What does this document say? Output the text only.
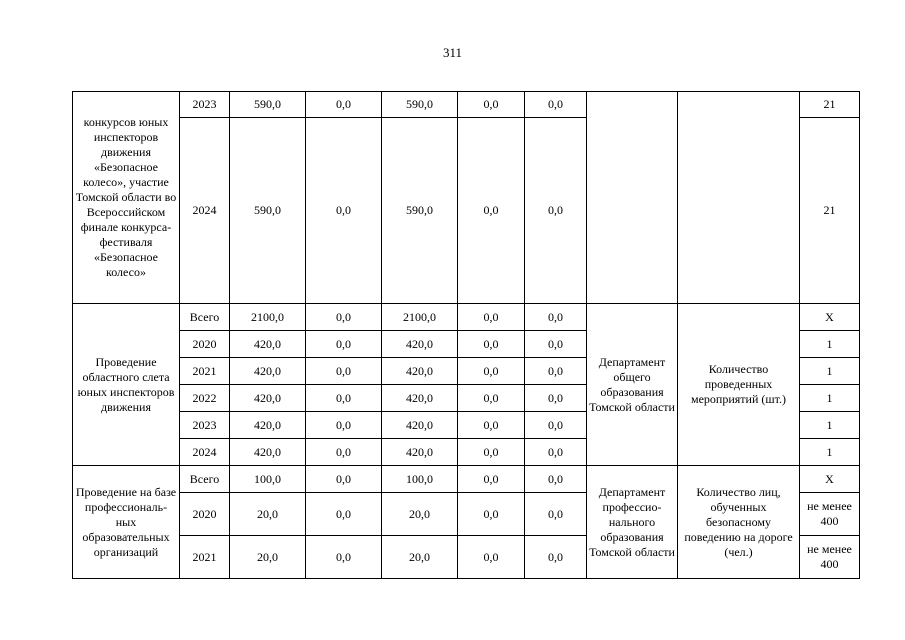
311
конкурсов юных инспекторов движения «Безопасное колесо», участие Томской области во Всероссийском финале конкурса-фестиваля «Безопасное колесо»	2023	590,0	0,0	590,0	0,0	0,0			21
	2024	590,0	0,0	590,0	0,0	0,0			21
Проведение областного слета юных инспекторов движения	Всего	2100,0	0,0	2100,0	0,0	0,0	Департамент общего образования Томской области	Количество проведенных мероприятий (шт.)	X
	2020	420,0	0,0	420,0	0,0	0,0			1
	2021	420,0	0,0	420,0	0,0	0,0			1
	2022	420,0	0,0	420,0	0,0	0,0			1
	2023	420,0	0,0	420,0	0,0	0,0			1
	2024	420,0	0,0	420,0	0,0	0,0			1
Проведение на базе профессиональ-ных образовательных организаций	Всего	100,0	0,0	100,0	0,0	0,0	Департамент профессио-нального образования Томской области	Количество лиц, обученных безопасному поведению на дороге (чел.)	X
	2020	20,0	0,0	20,0	0,0	0,0			не менее 400
	2021	20,0	0,0	20,0	0,0	0,0			не менее 400
